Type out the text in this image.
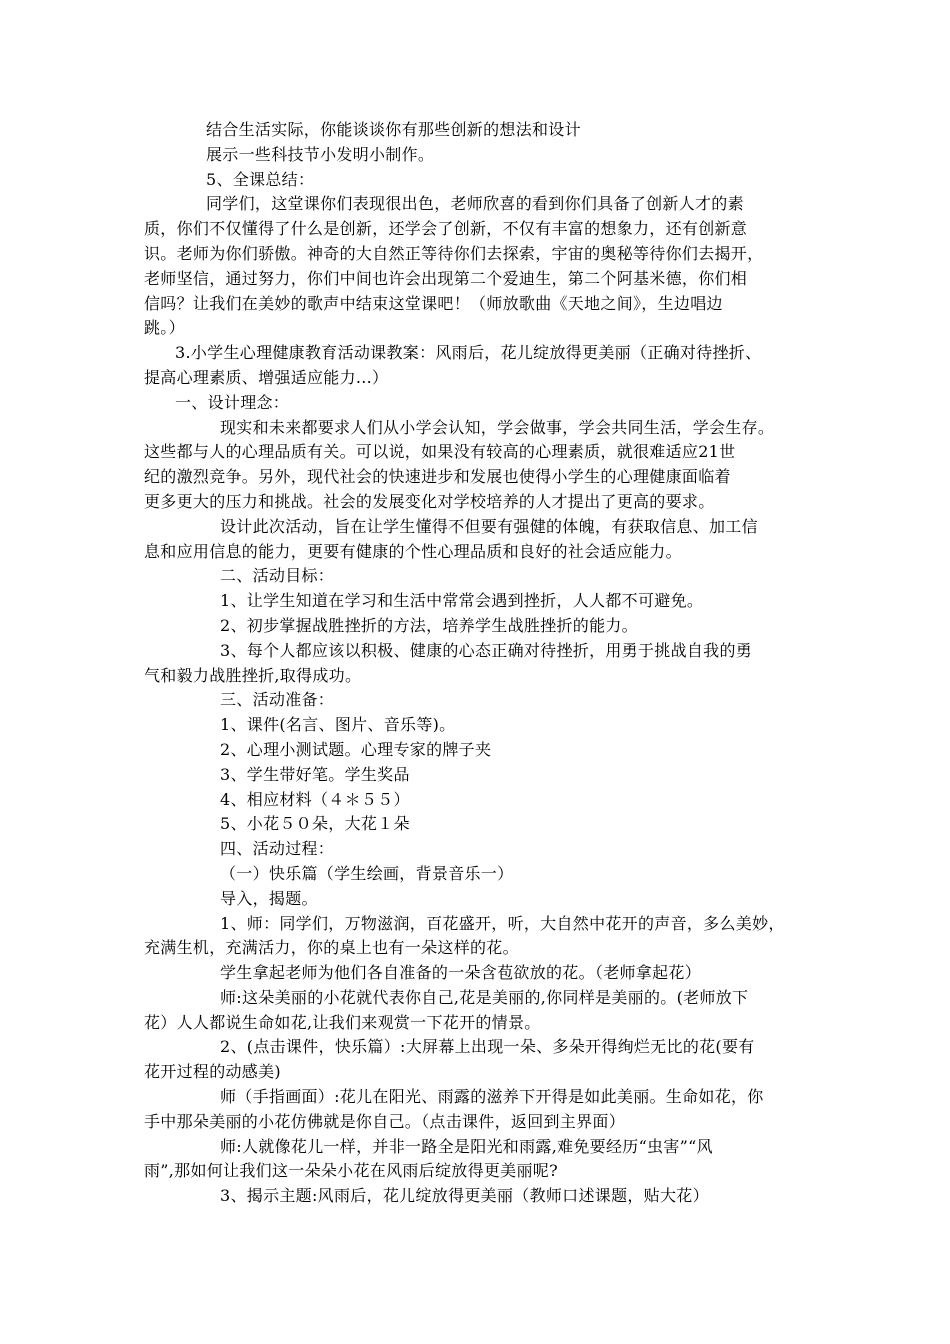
结合生活实际，你能谈谈你有那些创新的想法和设计
展示一些科技节小发明小制作。
5、全课总结：
同学们，这堂课你们表现很出色，老师欣喜的看到你们具备了创新人才的素
质，你们不仅懂得了什么是创新，还学会了创新，不仅有丰富的想象力，还有创新意
识。老师为你们骄傲。神奇的大自然正等待你们去探索，宇宙的奥秘等待你们去揭开，
老师坚信，通过努力，你们中间也许会出现第二个爱迪生，第二个阿基米德，你们相
信吗？让我们在美妙的歌声中结束这堂课吧！（师放歌曲《天地之间》，生边唱边
跳。）
3.小学生心理健康教育活动课教案：风雨后，花儿绽放得更美丽（正确对待挫折、
提高心理素质、增强适应能力...）
一、设计理念：
现实和未来都要求人们从小学会认知，学会做事，学会共同生活，学会生存。
这些都与人的心理品质有关。可以说，如果没有较高的心理素质，就很难适应21世
纪的激烈竞争。另外，现代社会的快速进步和发展也使得小学生的心理健康面临着
更多更大的压力和挑战。社会的发展变化对学校培养的人才提出了更高的要求。
设计此次活动，旨在让学生懂得不但要有强健的体魄，有获取信息、加工信
息和应用信息的能力，更要有健康的个性心理品质和良好的社会适应能力。
二、活动目标：
1、让学生知道在学习和生活中常常会遇到挫折，人人都不可避免。
2、初步掌握战胜挫折的方法，培养学生战胜挫折的能力。
3、每个人都应该以积极、健康的心态正确对待挫折，用勇于挑战自我的勇
气和毅力战胜挫折,取得成功。
三、活动准备：
1、课件(名言、图片、音乐等)。
2、心理小测试题。心理专家的牌子夹
3、学生带好笔。学生奖品
4、相应材料（４＊５５）
5、小花５０朵，大花１朵
四、活动过程：
（一）快乐篇（学生绘画，背景音乐一）
导入，揭题。
1、师：同学们，万物滋润，百花盛开，听，大自然中花开的声音，多么美妙，
充满生机，充满活力，你的桌上也有一朵这样的花。
学生拿起老师为他们各自准备的一朵含苞欲放的花。（老师拿起花）
师:这朵美丽的小花就代表你自己,花是美丽的,你同样是美丽的。(老师放下
花）人人都说生命如花,让我们来观赏一下花开的情景。
2、(点击课件，快乐篇）:大屏幕上出现一朵、多朵开得绚烂无比的花(要有
花开过程的动感美)
师（手指画面）:花儿在阳光、雨露的滋养下开得是如此美丽。生命如花，你
手中那朵美丽的小花仿佛就是你自己。（点击课件，返回到主界面）
师:人就像花儿一样，并非一路全是阳光和雨露,难免要经历“虫害”“风
雨”,那如何让我们这一朵朵小花在风雨后绽放得更美丽呢?
3、揭示主题:风雨后，花儿绽放得更美丽（教师口述课题，贴大花）
